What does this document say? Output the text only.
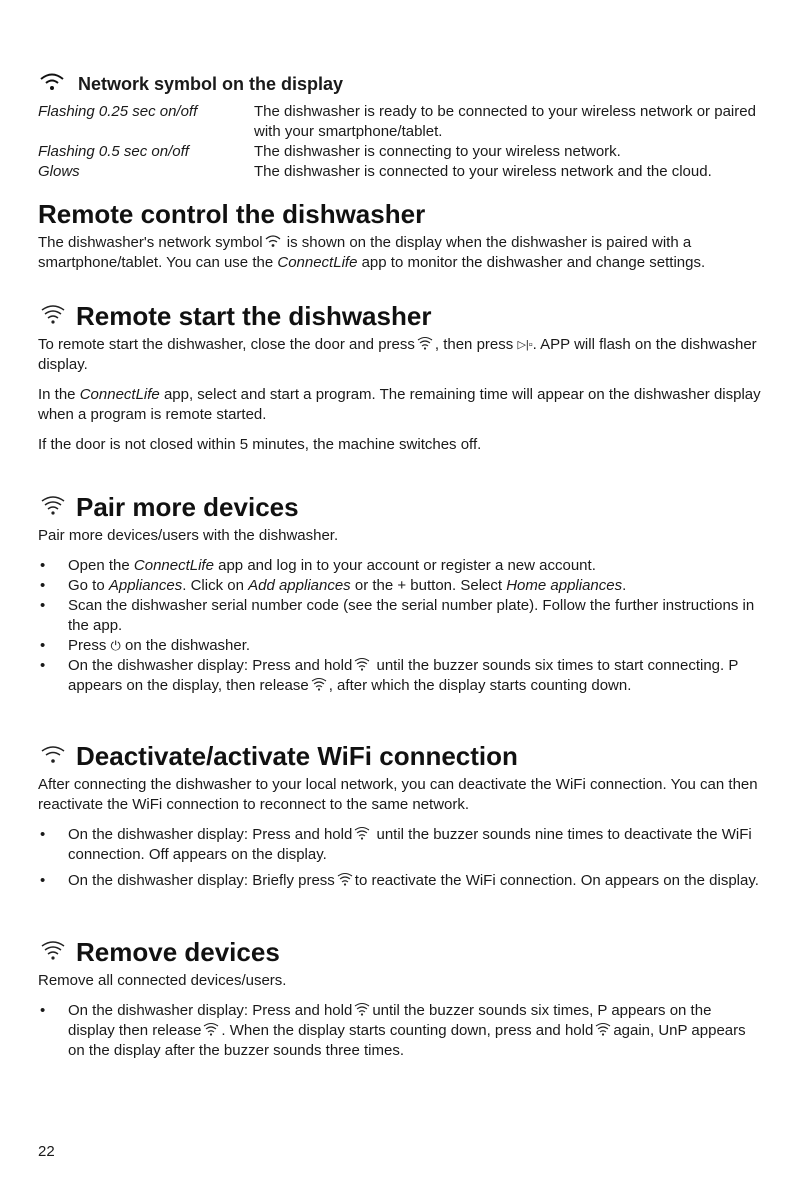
Network symbol on the display
Flashing 0.25 sec on/off	The dishwasher is ready to be connected to your wireless network or paired with your smartphone/tablet.
Flashing 0.5 sec on/off	The dishwasher is connecting to your wireless network.
Glows	The dishwasher is connected to your wireless network and the cloud.
Remote control the dishwasher

The dishwasher's network symbol is shown on the display when the dishwasher is paired with a smartphone/tablet. You can use the ConnectLife app to monitor the dishwasher and change settings.

Remote start the dishwasher

To remote start the dishwasher, close the door and press , then press ▷|▫. APP will flash on the dishwasher display.

In the ConnectLife app, select and start a program. The remaining time will appear on the dishwasher display when a program is remote started.

If the door is not closed within 5 minutes, the machine switches off.

Pair more devices

Pair more devices/users with the dishwasher.

• Open the ConnectLife app and log in to your account or register a new account.
• Go to Appliances. Click on Add appliances or the + button. Select Home appliances.
• Scan the dishwasher serial number code (see the serial number plate). Follow the further instructions in the app.
• Press ⏻ on the dishwasher.
• On the dishwasher display: Press and hold until the buzzer sounds six times to start connecting. P appears on the display, then release , after which the display starts counting down.
Deactivate/activate WiFi connection

After connecting the dishwasher to your local network, you can deactivate the WiFi connection. You can then reactivate the WiFi connection to reconnect to the same network.

• On the dishwasher display: Press and hold until the buzzer sounds nine times to deactivate the WiFi connection. Off appears on the display.
• On the dishwasher display: Briefly press to reactivate the WiFi connection. On appears on the display.
Remove devices

Remove all connected devices/users.

• On the dishwasher display: Press and hold until the buzzer sounds six times, P appears on the display then release . When the display starts counting down, press and hold again, UnP appears on the display after the buzzer sounds three times.
22
